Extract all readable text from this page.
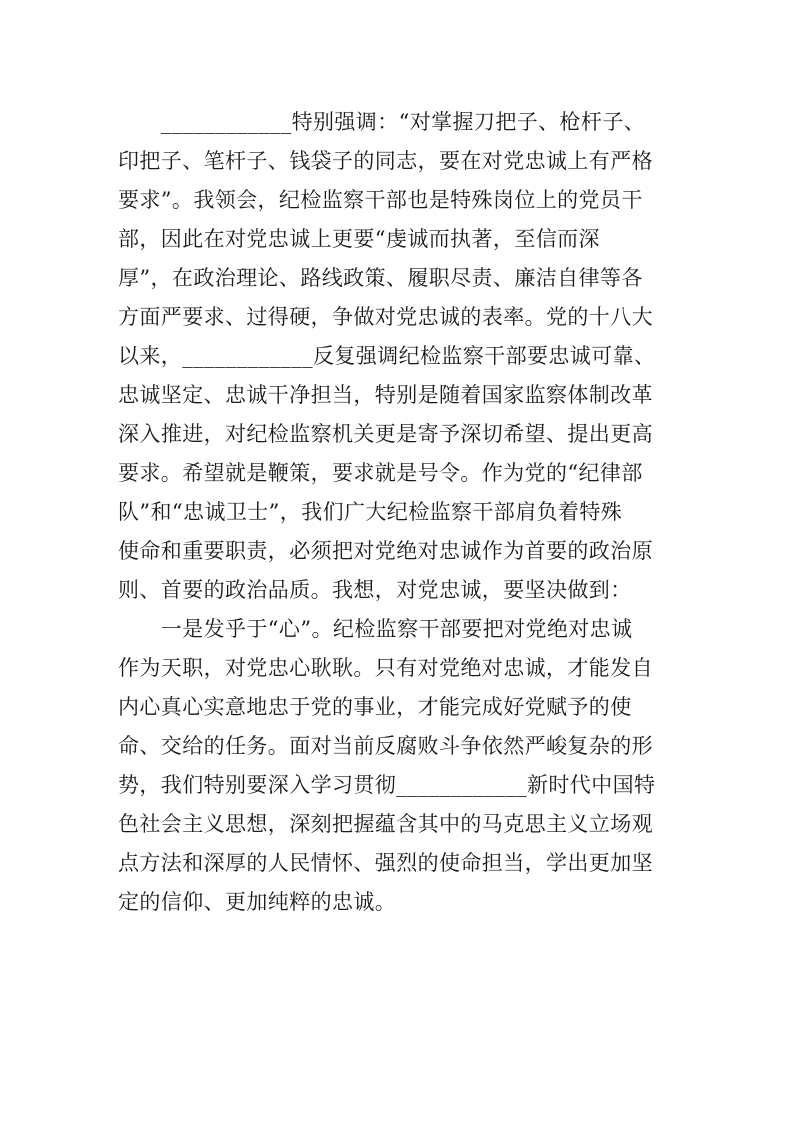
　　____________特别强调：“对掌握刀把子、枪杆子、
印把子、笔杆子、钱袋子的同志，要在对党忠诚上有严格
要求”。我领会，纪检监察干部也是特殊岗位上的党员干
部，因此在对党忠诚上更要“虔诚而执著，至信而深
厚”，在政治理论、路线政策、履职尽责、廉洁自律等各
方面严要求、过得硬，争做对党忠诚的表率。党的十八大
以来，____________反复强调纪检监察干部要忠诚可靠、
忠诚坚定、忠诚干净担当，特别是随着国家监察体制改革
深入推进，对纪检监察机关更是寄予深切希望、提出更高
要求。希望就是鞭策，要求就是号令。作为党的“纪律部
队”和“忠诚卫士”，我们广大纪检监察干部肩负着特殊
使命和重要职责，必须把对党绝对忠诚作为首要的政治原
则、首要的政治品质。我想，对党忠诚，要坚决做到：
　　一是发乎于“心”。纪检监察干部要把对党绝对忠诚
作为天职，对党忠心耿耿。只有对党绝对忠诚，才能发自
内心真心实意地忠于党的事业，才能完成好党赋予的使
命、交给的任务。面对当前反腐败斗争依然严峻复杂的形
势，我们特别要深入学习贯彻____________新时代中国特
色社会主义思想，深刻把握蕴含其中的马克思主义立场观
点方法和深厚的人民情怀、强烈的使命担当，学出更加坚
定的信仰、更加纯粹的忠诚。
